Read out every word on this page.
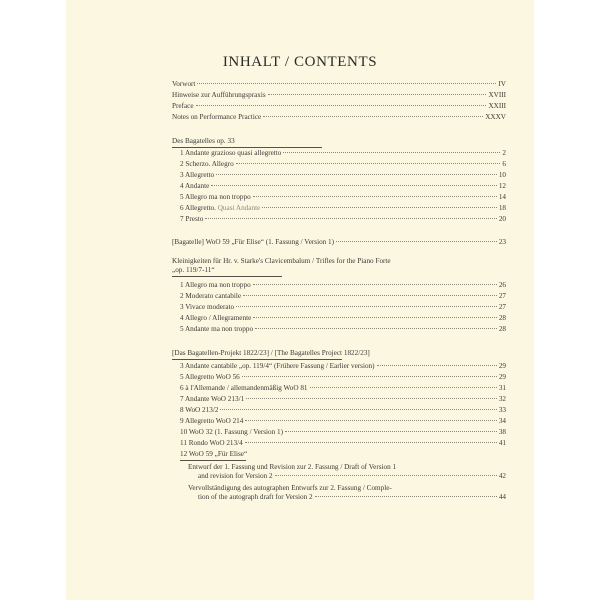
INHALT / CONTENTS
Vorwort	IV
Hinweise zur Aufführungspraxis	XVIII
Preface	XXIII
Notes on Performance Practice	XXXV
Des Bagatelles op. 33
1 Andante grazioso quasi allegretto	2
2 Scherzo. Allegro	6
3 Allegretto	10
4 Andante	12
5 Allegro ma non troppo	14
6 Allegretto. Quasi Andante	18
7 Presto	20
[Bagatelle] WoO 59 „Für Elise“ (1. Fassung / Version 1)	23
Kleinigkeiten für Hr. v. Starke's Clavicembalum / Trifles for the Piano Forte
„op. 119/7-11“
1 Allegro ma non troppo	26
2 Moderato cantabile	27
3 Vivace moderato	27
4 Allegro / Allegramente	28
5 Andante ma non troppo	28
[Das Bagatellen-Projekt 1822/23] / [The Bagatelles Project 1822/23]
3 Andante cantabile „op. 119/4“ (Frühere Fassung / Earlier version)	29
5 Allegretto WoO 56	29
6 à l'Allemande / allemandenmäßig WoO 81	31
7 Andante WoO 213/1	32
8 WoO 213/2	33
9 Allegretto WoO 214	34
10 WoO 32 (1. Fassung / Version 1)	38
11 Rondo WoO 213/4	41
12 WoO 59 „Für Elise“
Entwurf der 1. Fassung und Revision zur 2. Fassung / Draft of Version 1
and revision for Version 2	42
Vervollständigung des autographen Entwurfs zur 2. Fassung / Comple-
tion of the autograph draft for Version 2	44
